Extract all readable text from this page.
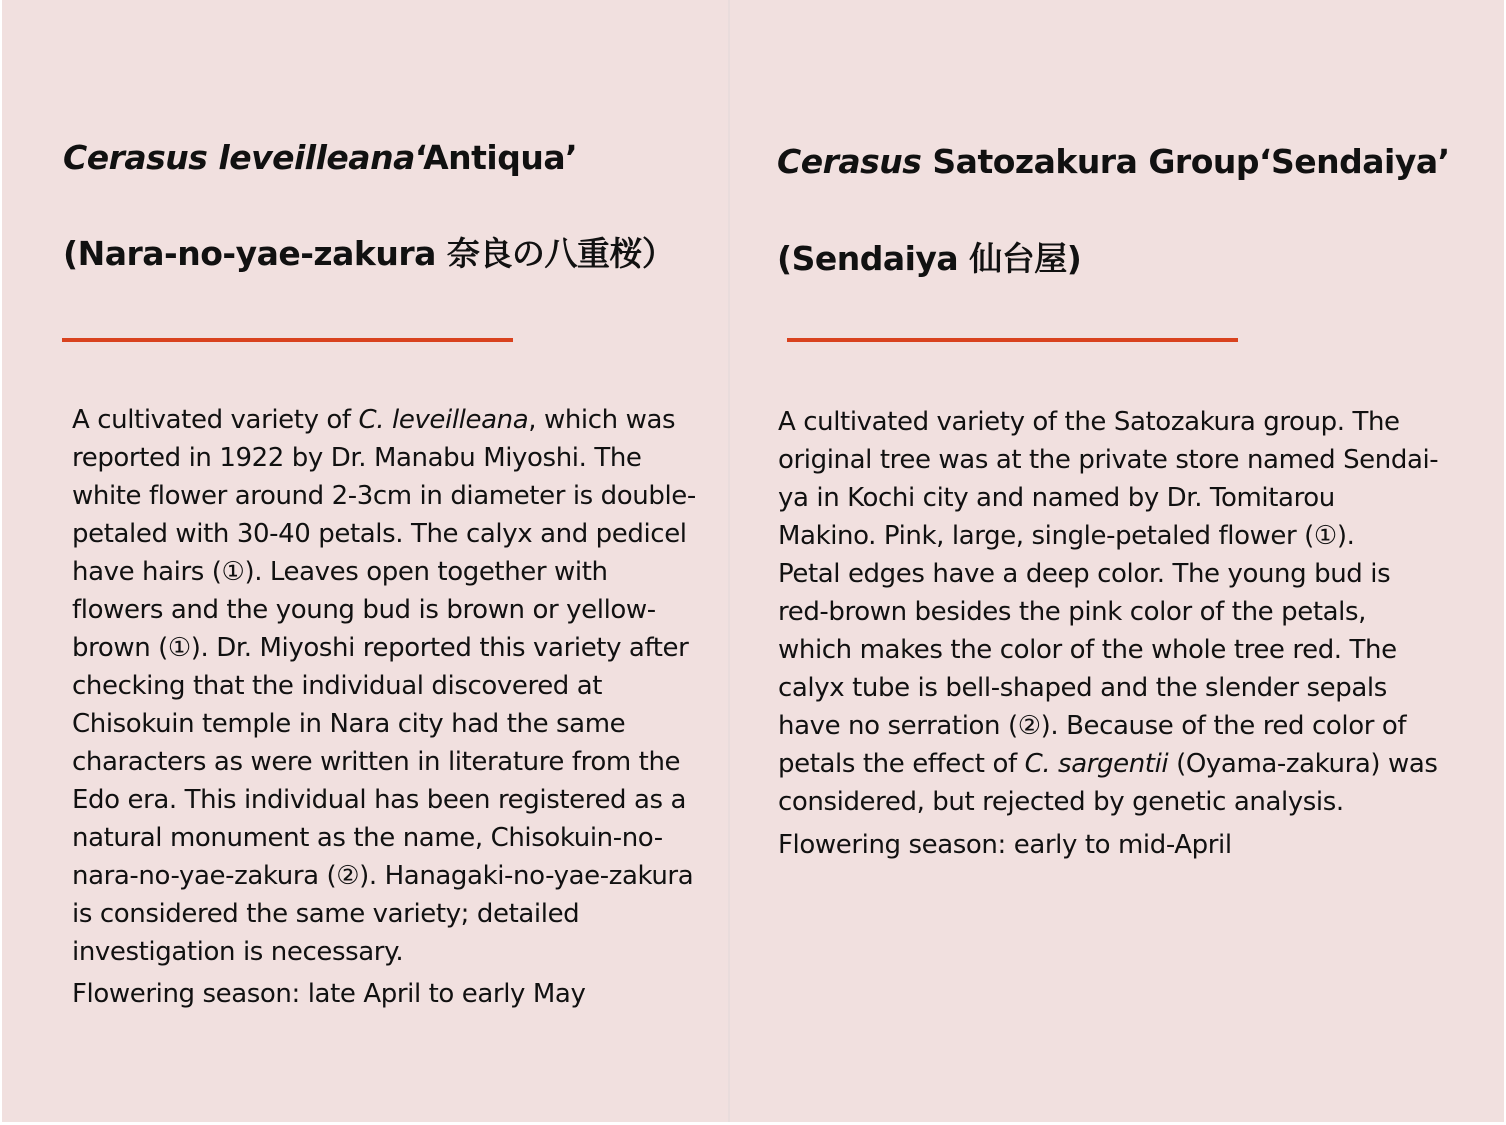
Cerasus leveilleana‘Antiqua’
(Nara-no-yae-zakura 奈良の八重桜）

A cultivated variety of C. leveilleana, which was
reported in 1922 by Dr. Manabu Miyoshi. The
white flower around 2-3cm in diameter is double-
petaled with 30-40 petals. The calyx and pedicel
have hairs (①). Leaves open together with
flowers and the young bud is brown or yellow-
brown (①). Dr. Miyoshi reported this variety after
checking that the individual discovered at
Chisokuin temple in Nara city had the same
characters as were written in literature from the
Edo era. This individual has been registered as a
natural monument as the name, Chisokuin-no-
nara-no-yae-zakura (②). Hanagaki-no-yae-zakura
is considered the same variety; detailed
investigation is necessary.

Flowering season: late April to early May

Cerasus Satozakura Group‘Sendaiya’
(Sendaiya 仙台屋)

A cultivated variety of the Satozakura group. The
original tree was at the private store named Sendai-
ya in Kochi city and named by Dr. Tomitarou
Makino. Pink, large, single-petaled flower (①).
Petal edges have a deep color. The young bud is
red-brown besides the pink color of the petals,
which makes the color of the whole tree red. The
calyx tube is bell-shaped and the slender sepals
have no serration (②). Because of the red color of
petals the effect of C. sargentii (Oyama-zakura) was
considered, but rejected by genetic analysis.

Flowering season: early to mid-April
